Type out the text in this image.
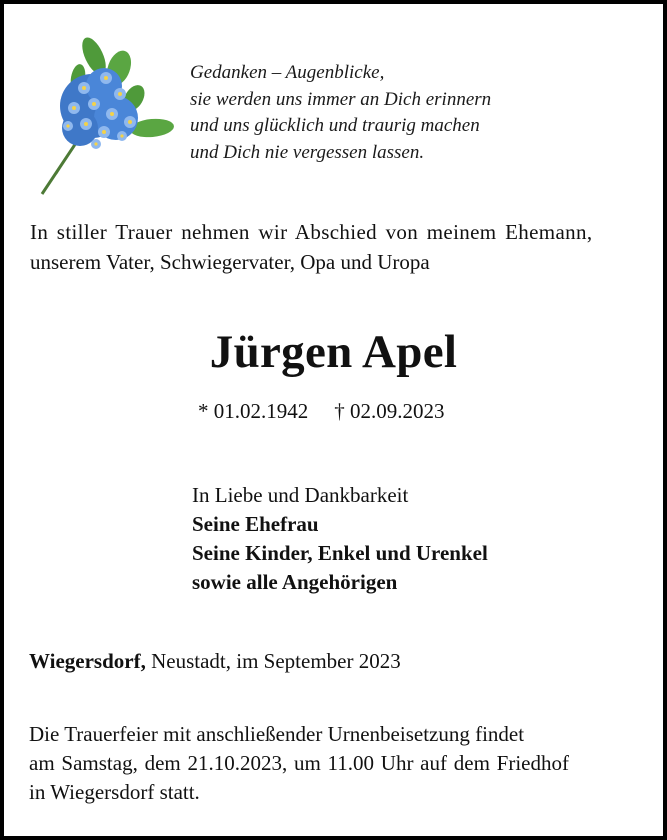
Gedanken – Augenblicke,
sie werden uns immer an Dich erinnern
und uns glücklich und traurig machen
und Dich nie vergessen lassen.
In stiller Trauer nehmen wir Abschied von meinem Ehemann,
unserem Vater, Schwiegervater, Opa und Uropa
Jürgen Apel
* 01.02.1942 † 02.09.2023
In Liebe und Dankbarkeit
Seine Ehefrau
Seine Kinder, Enkel und Urenkel
sowie alle Angehörigen
Wiegersdorf, Neustadt, im September 2023
Die Trauerfeier mit anschließender Urnenbeisetzung findet
am Samstag, dem 21.10.2023, um 11.00 Uhr auf dem Friedhof
in Wiegersdorf statt.
